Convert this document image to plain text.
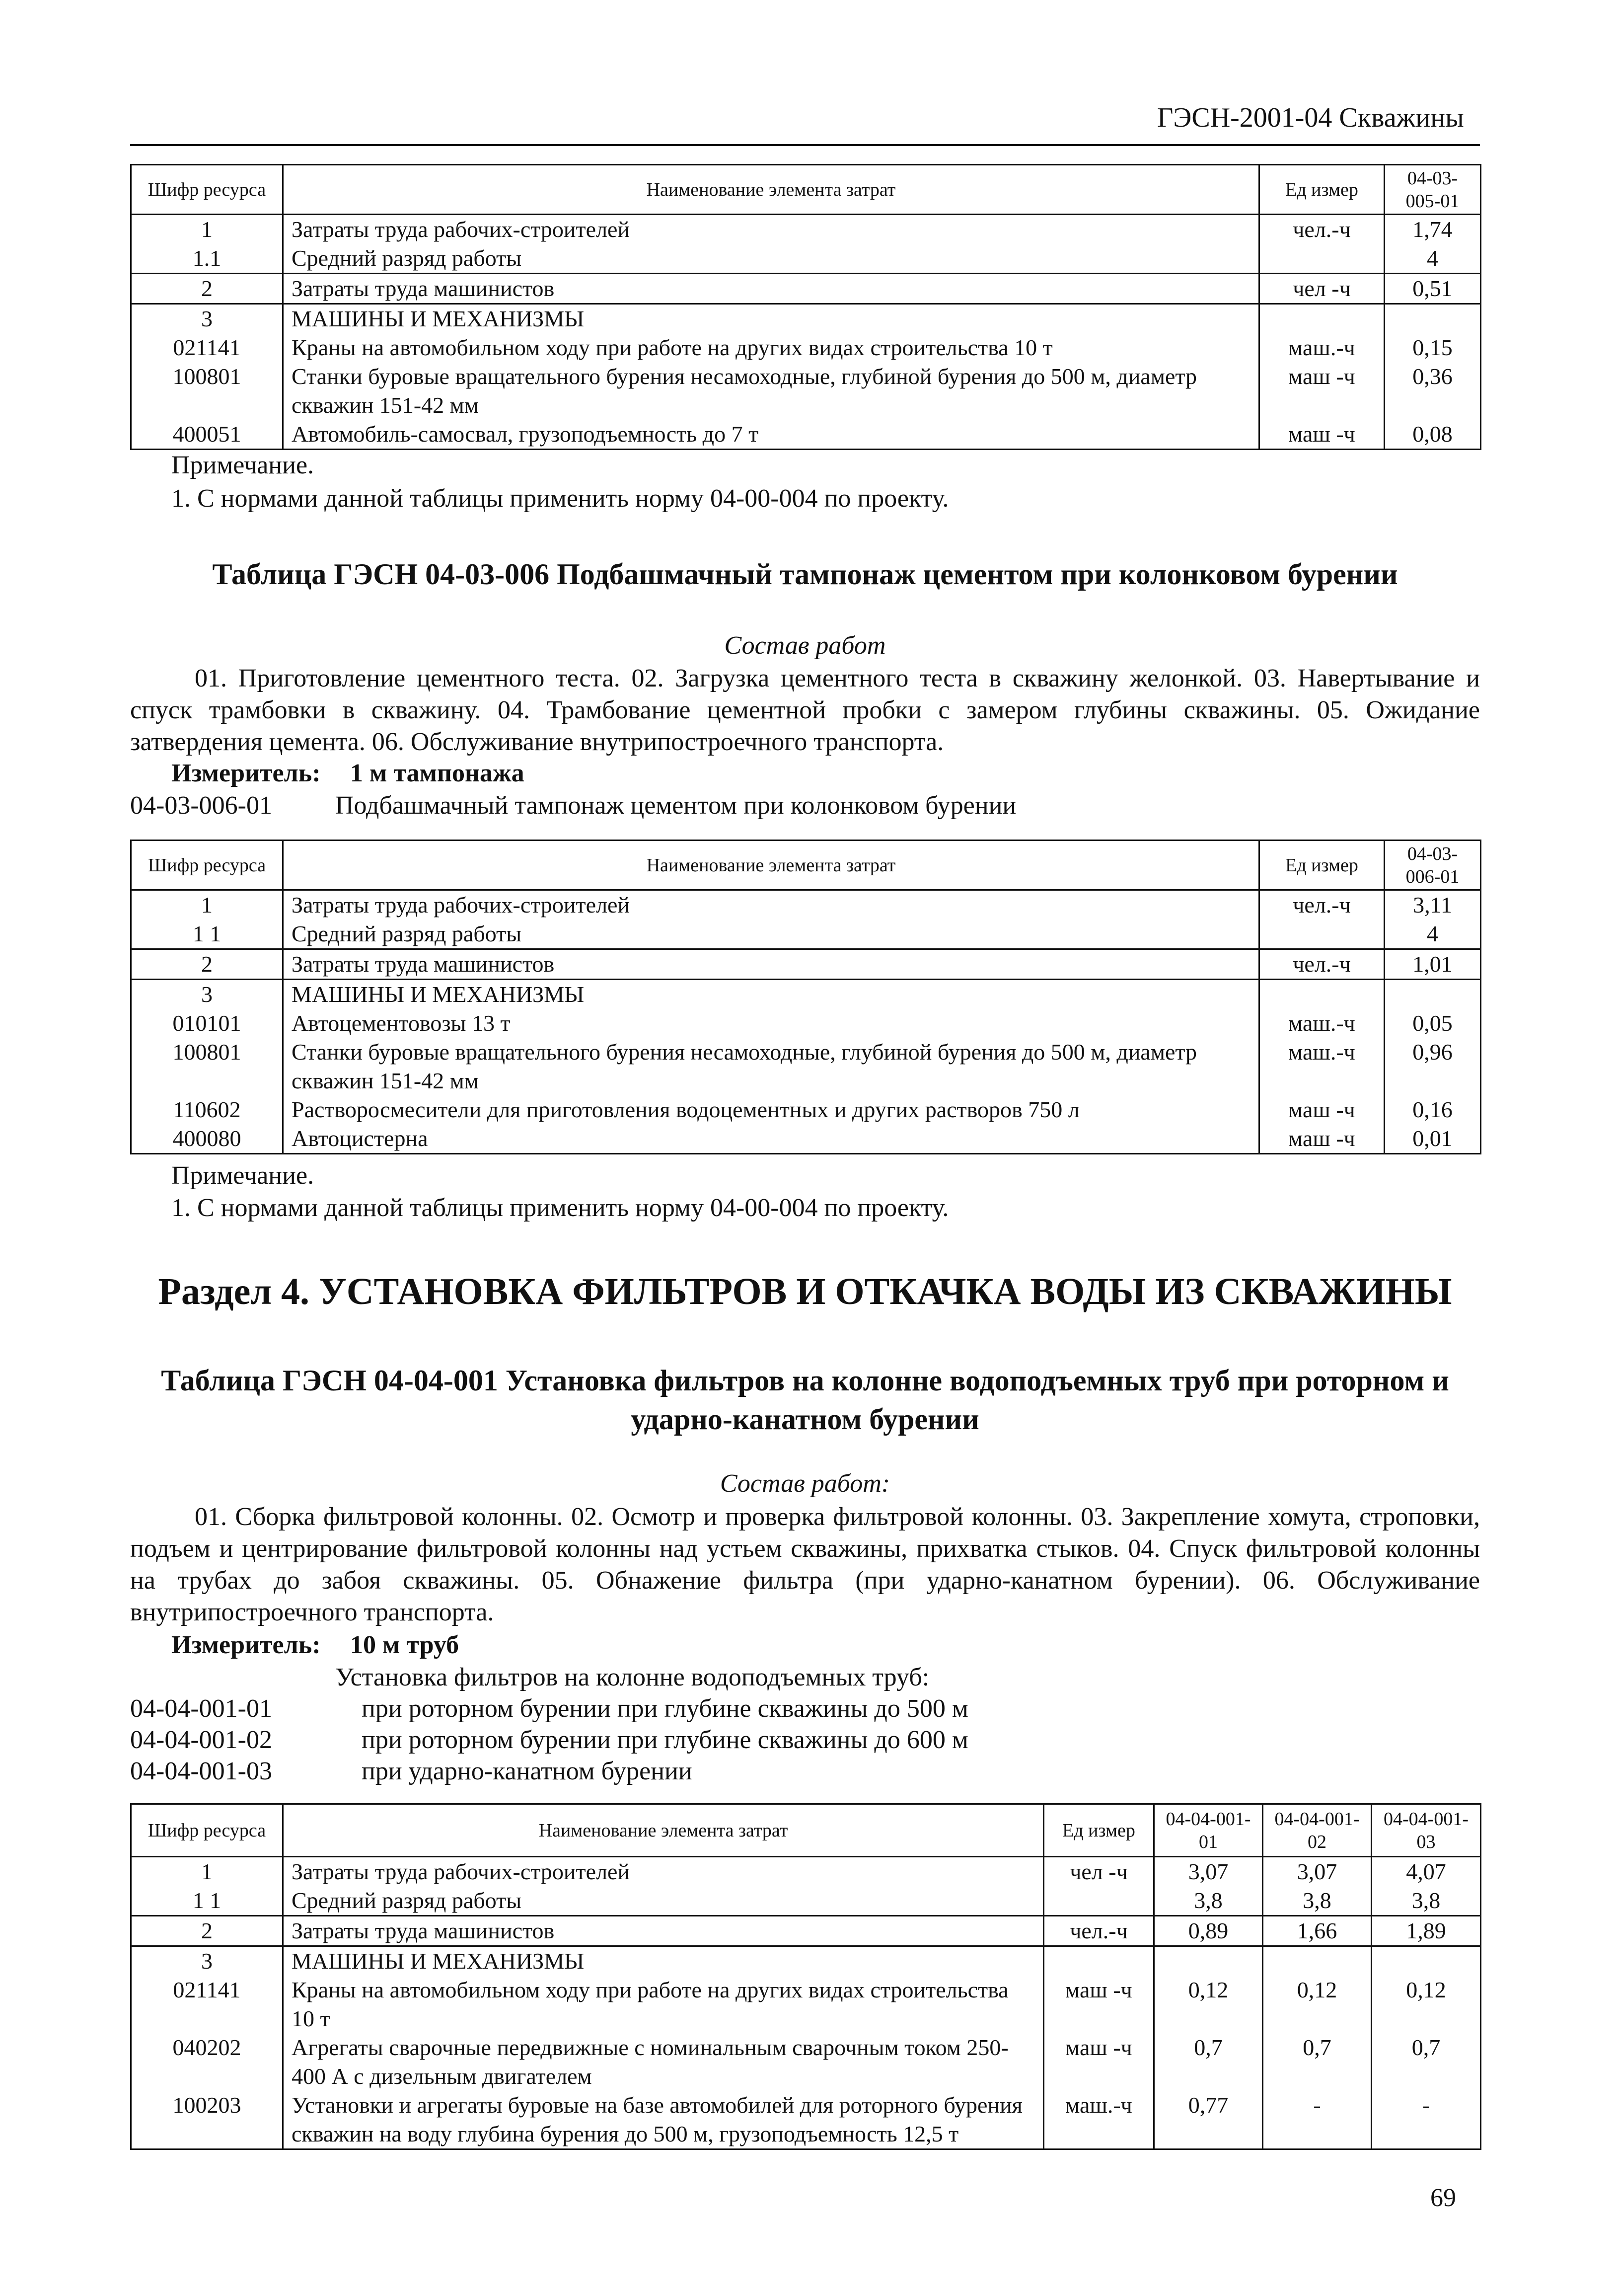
ГЭСН-2001-04 Скважины
Шифр ресурса	Наименование элемента затрат	Ед измер	04-03-005-01
1	Затраты труда рабочих-строителей	чел.-ч	1,74
1.1	Средний разряд работы		4
2	Затраты труда машинистов	чел -ч	0,51
3	МАШИНЫ И МЕХАНИЗМЫ		
021141	Краны на автомобильном ходу при работе на других видах строительства 10 т	маш.-ч	0,15
100801	Станки буровые вращательного бурения несамоходные, глубиной бурения до 500 м, диаметр скважин 151-42 мм	маш -ч	0,36
400051	Автомобиль-самосвал, грузоподъемность до 7 т	маш -ч	0,08
Примечание.
1. С нормами данной таблицы применить норму 04-00-004 по проекту.
Таблица ГЭСН 04-03-006 Подбашмачный тампонаж цементом при колонковом бурении
Состав работ
01. Приготовление цементного теста. 02. Загрузка цементного теста в скважину желонкой. 03. Навертывание и спуск трамбовки в скважину. 04. Трамбование цементной пробки с замером глубины скважины. 05. Ожидание затвердения цемента. 06. Обслуживание внутрипостроечного транспорта.
Измеритель: 1 м тампонажа
04-03-006-01 Подбашмачный тампонаж цементом при колонковом бурении
Шифр ресурса	Наименование элемента затрат	Ед измер	04-03-006-01
1	Затраты труда рабочих-строителей	чел.-ч	3,11
1 1	Средний разряд работы		4
2	Затраты труда машинистов	чел.-ч	1,01
3	МАШИНЫ И МЕХАНИЗМЫ		
010101	Автоцементовозы 13 т	маш.-ч	0,05
100801	Станки буровые вращательного бурения несамоходные, глубиной бурения до 500 м, диаметр скважин 151-42 мм	маш.-ч	0,96
110602	Растворосмесители для приготовления водоцементных и других растворов 750 л	маш -ч	0,16
400080	Автоцистерна	маш -ч	0,01
Примечание.
1. С нормами данной таблицы применить норму 04-00-004 по проекту.
Раздел 4. УСТАНОВКА ФИЛЬТРОВ И ОТКАЧКА ВОДЫ ИЗ СКВАЖИНЫ
Таблица ГЭСН 04-04-001 Установка фильтров на колонне водоподъемных труб при роторном и ударно-канатном бурении
Состав работ:
01. Сборка фильтровой колонны. 02. Осмотр и проверка фильтровой колонны. 03. Закрепление хомута, строповки, подъем и центрирование фильтровой колонны над устьем скважины, прихватка стыков. 04. Спуск фильтровой колонны на трубах до забоя скважины. 05. Обнажение фильтра (при ударно-канатном бурении). 06. Обслуживание внутрипостроечного транспорта.
Измеритель: 10 м труб
Установка фильтров на колонне водоподъемных труб:
04-04-001-01	при роторном бурении при глубине скважины до 500 м
04-04-001-02	при роторном бурении при глубине скважины до 600 м
04-04-001-03	при ударно-канатном бурении
Шифр ресурса	Наименование элемента затрат	Ед измер	04-04-001-01	04-04-001-02	04-04-001-03
1	Затраты труда рабочих-строителей	чел -ч	3,07	3,07	4,07
1 1	Средний разряд работы		3,8	3,8	3,8
2	Затраты труда машинистов	чел.-ч	0,89	1,66	1,89
3	МАШИНЫ И МЕХАНИЗМЫ				
021141	Краны на автомобильном ходу при работе на других видах строительства 10 т	маш -ч	0,12	0,12	0,12
040202	Агрегаты сварочные передвижные с номинальным сварочным током 250-400 А с дизельным двигателем	маш -ч	0,7	0,7	0,7
100203	Установки и агрегаты буровые на базе автомобилей для роторного бурения скважин на воду глубина бурения до 500 м, грузоподъемность 12,5 т	маш.-ч	0,77	-	-
69
